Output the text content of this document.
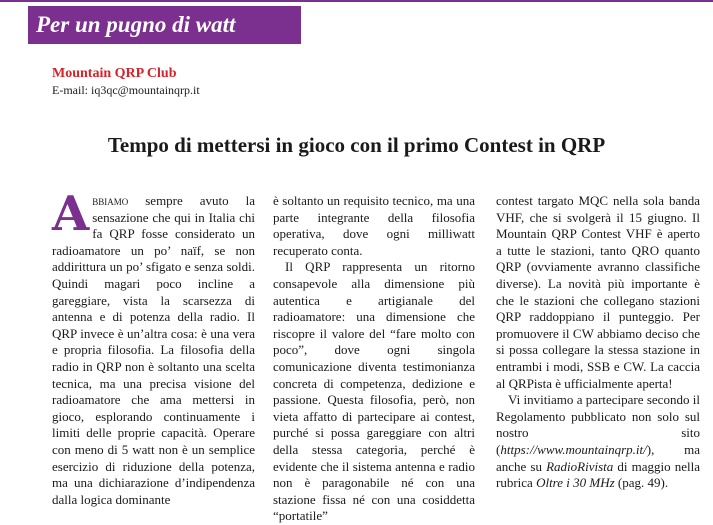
Per un pugno di watt
Mountain QRP Club
E-mail: iq3qc@mountainqrp.it
Tempo di mettersi in gioco con il primo Contest in QRP

Abbiamo sempre avuto la sensazione che qui in Italia chi fa QRP fosse considerato un radioamatore un po’ naïf, se non addirittura un po’ sfigato e senza soldi. Quindi magari poco incline a gareggiare, vista la scarsezza di antenna e di potenza della radio. Il QRP invece è un’altra cosa: è una vera e propria filosofia. La filosofia della radio in QRP non è soltanto una scelta tecnica, ma una precisa visione del radioamatore che ama mettersi in gioco, esplorando continuamente i limiti delle proprie capacità. Operare con meno di 5 watt non è un semplice esercizio di riduzione della potenza, ma una dichiarazione d’indipendenza dalla logica dominante

è soltanto un requisito tecnico, ma una parte integrante della filosofia operativa, dove ogni milliwatt recuperato conta.

Il QRP rappresenta un ritorno consapevole alla dimensione più autentica e artigianale del radioamatore: una dimensione che riscopre il valore del “fare molto con poco”, dove ogni singola comunicazione diventa testimonianza concreta di competenza, dedizione e passione. Questa filosofia, però, non vieta affatto di partecipare ai contest, purché si possa gareggiare con altri della stessa categoria, perché è evidente che il sistema antenna e radio non è paragonabile né con una stazione fissa né con una cosiddetta “portatile”

contest targato MQC nella sola banda VHF, che si svolgerà il 15 giugno. Il Mountain QRP Contest VHF è aperto a tutte le stazioni, tanto QRO quanto QRP (ovviamente avranno classifiche diverse). La novità più importante è che le stazioni che collegano stazioni QRP raddoppiano il punteggio. Per promuovere il CW abbiamo deciso che si possa collegare la stessa stazione in entrambi i modi, SSB e CW. La caccia al QRPista è ufficialmente aperta!

Vi invitiamo a partecipare secondo il Regolamento pubblicato non solo sul nostro sito (https://www.mountainqrp.it/), ma anche su RadioRivista di maggio nella rubrica Oltre i 30 MHz (pag. 49).
